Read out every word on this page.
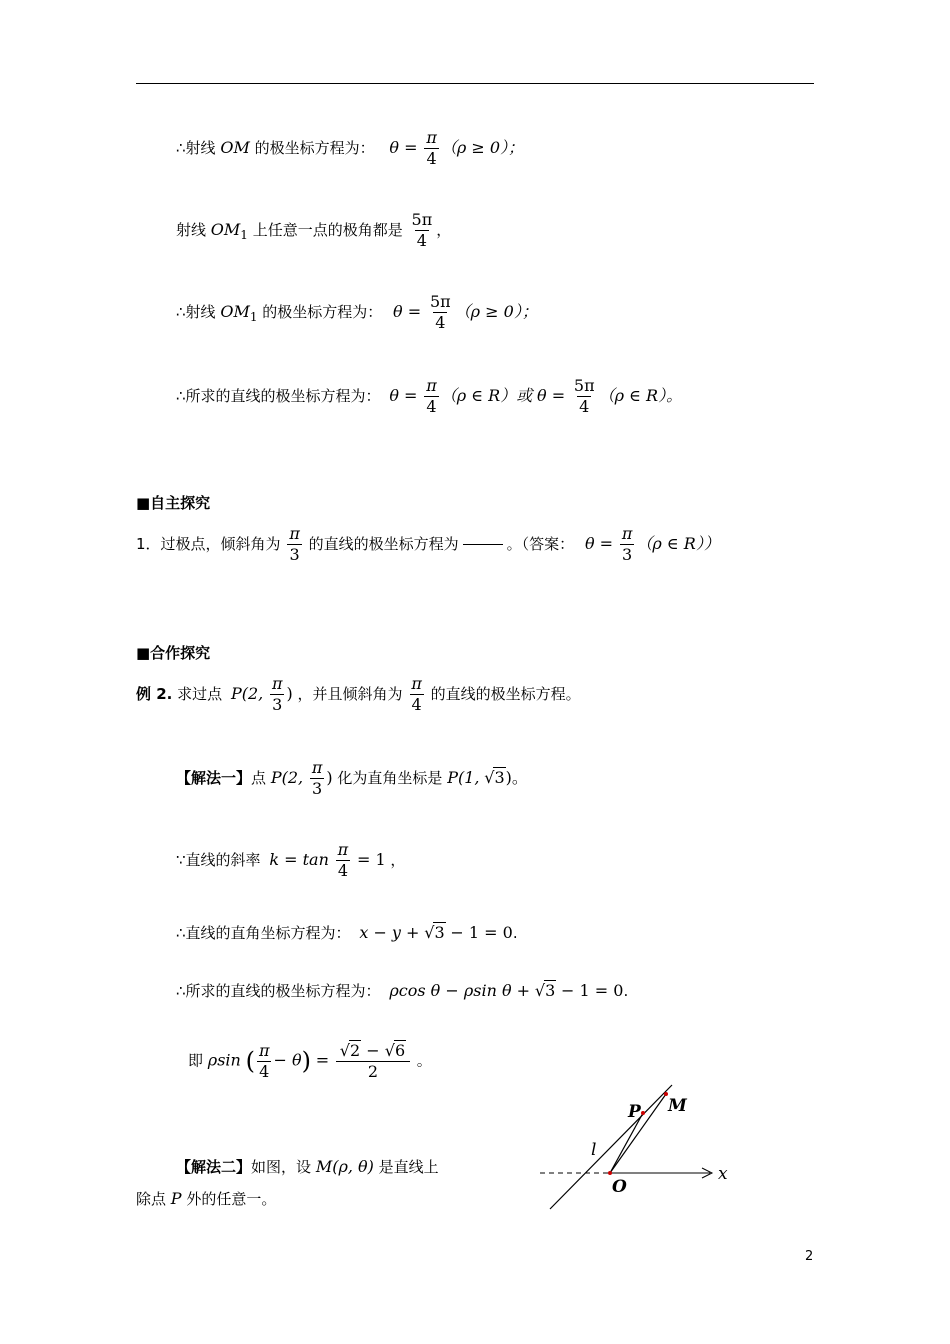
∴射线 OM 的极坐标方程为： $\theta = \frac{\pi}{4} (\rho \ge 0)$；
射线 $OM_1$ 上任意一点的极角都是 $\frac{5\pi}{4}$ ，
∴射线 $OM_1$ 的极坐标方程为： $\theta = \frac{5\pi}{4} (\rho \ge 0)$；
∴所求的直线的极坐标方程为： $\theta = \frac{\pi}{4} (\rho$ ∈ R）或 $\theta = \frac{5\pi}{4} (\rho$ ∈ R）。
■自主探究
1．过极点，倾斜角为 $\frac{\pi}{3}$ 的直线的极坐标方程为	。（答案： $\theta = \frac{\pi}{3} (\rho$ ∈ R））
■合作探究
例 2. 求过点 P(2, $\frac{\pi}{3}$ ) ，并且倾斜角为 $\frac{\pi}{4}$ 的直线的极坐标方程。
【解法一】点 P(2, $\frac{\pi}{3}$ ) 化为直角坐标是 P(1, √3)。
∵直线的斜率 $k = \tan \frac{\pi}{4} = 1$ ，
∴直线的直角坐标方程为： x − y + √3 − 1 = 0.
∴所求的直线的极坐标方程为： ρcos θ − ρsin θ + √3 − 1 = 0.
即 ρsin ( $\frac{\pi}{4} - \theta) = \frac{√2 - √6}{2}$ 。
【解法二】如图，设 M(ρ, θ) 是直线上
除点 P 外的任意一。
P M
l
O
x
2
